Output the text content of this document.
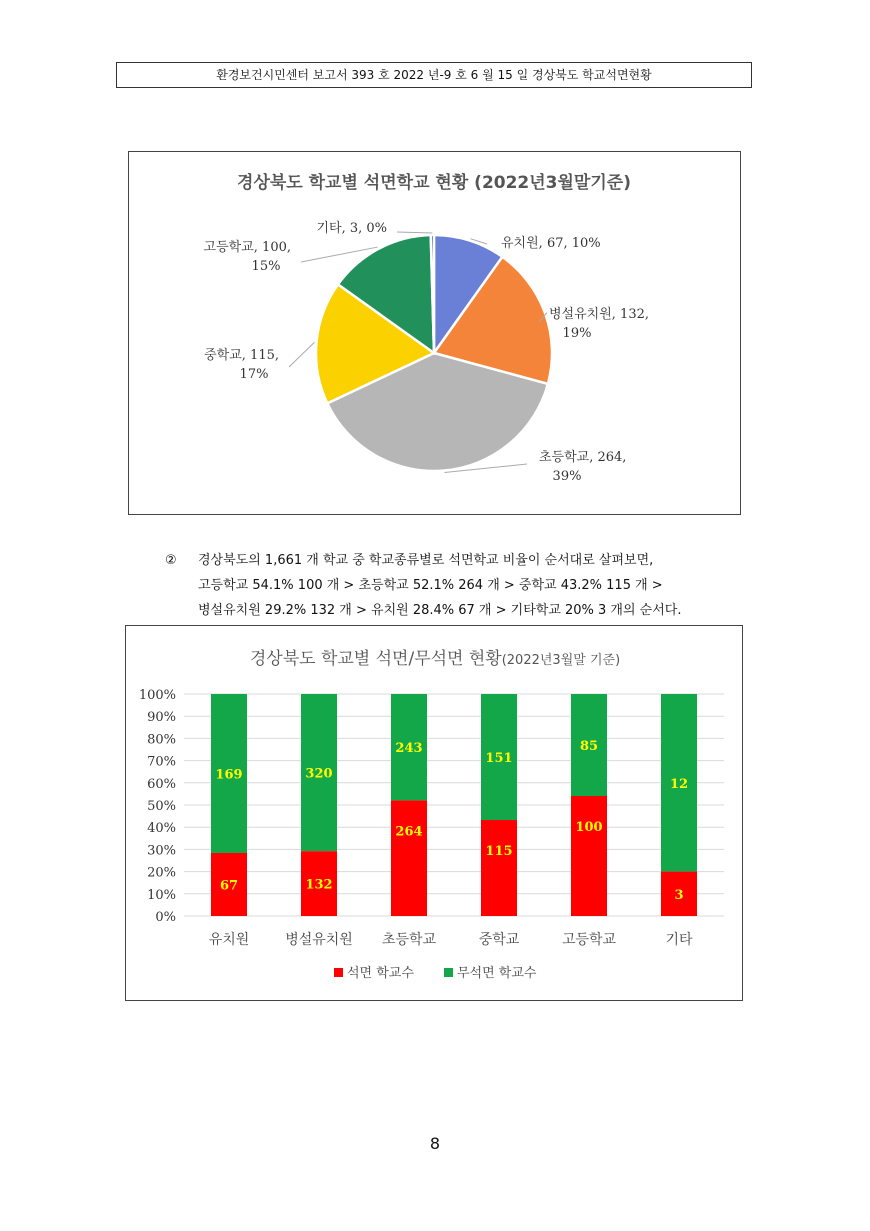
환경보건시민센터 보고서 393 호 2022 년-9 호 6 월 15 일 경상북도 학교석면현황
경상북도 학교별 석면학교 현황 (2022년3월말기준)
유치원, 67, 10%
병설유치원, 132, 19%
초등학교, 264, 39%
중학교, 115, 17%
고등학교, 100, 15%
기타, 3, 0%
② 경상북도의 1,661 개 학교 중 학교종류별로 석면학교 비율이 순서대로 살펴보면,
고등학교 54.1% 100 개 > 초등학교 52.1% 264 개 > 중학교 43.2% 115 개 >
병설유치원 29.2% 132 개 > 유치원 28.4% 67 개 > 기타학교 20% 3 개의 순서다.
경상북도 학교별 석면/무석면 현황(2022년3월말 기준)
67
169
132
320
264
243
115
151
100
85
3
12
0%
10%
20%
30%
40%
50%
60%
70%
80%
90%
100%
유치원	병설유치원 초등학교	중학교	고등학교	기타
석면 학교수	무석면 학교수
8
